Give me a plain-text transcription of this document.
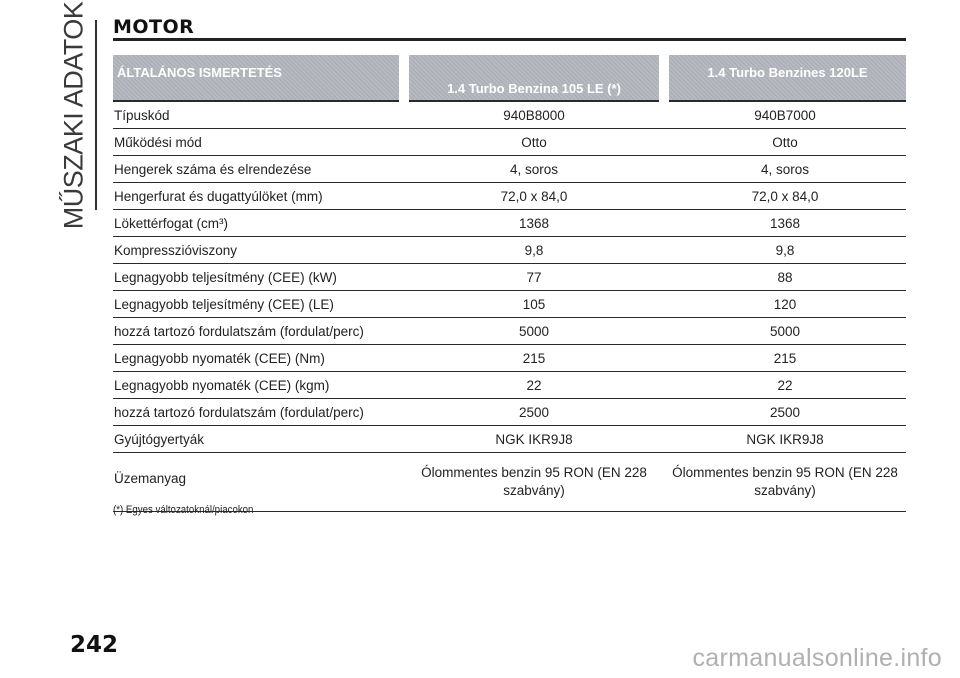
MŰSZAKI ADATOK MOTOR
ÁLTALÁNOS ISMERTETÉS	1.4 Turbo Benzina 105 LE (*)	1.4 Turbo Benzines 120LE
Típuskód	940B8000	940B7000
Működési mód	Otto	Otto
Hengerek száma és elrendezése	4, soros	4, soros
Hengerfurat és dugattyúlöket (mm)	72,0 x 84,0	72,0 x 84,0
Lökettérfogat (cm³)	1368	1368
Kompresszióviszony	9,8	9,8
Legnagyobb teljesítmény (CEE) (kW)	77	88
Legnagyobb teljesítmény (CEE) (LE)	105	120
hozzá tartozó fordulatszám (fordulat/perc)	5000	5000
Legnagyobb nyomaték (CEE) (Nm)	215	215
Legnagyobb nyomaték (CEE) (kgm)	22	22
hozzá tartozó fordulatszám (fordulat/perc)	2500	2500
Gyújtógyertyák	NGK IKR9J8	NGK IKR9J8
Üzemanyag	Ólommentes benzin 95 RON (EN 228 szabvány)	Ólommentes benzin 95 RON (EN 228 szabvány)
(*) Egyes változatoknál/piacokon
242	carmanualsonline.info
